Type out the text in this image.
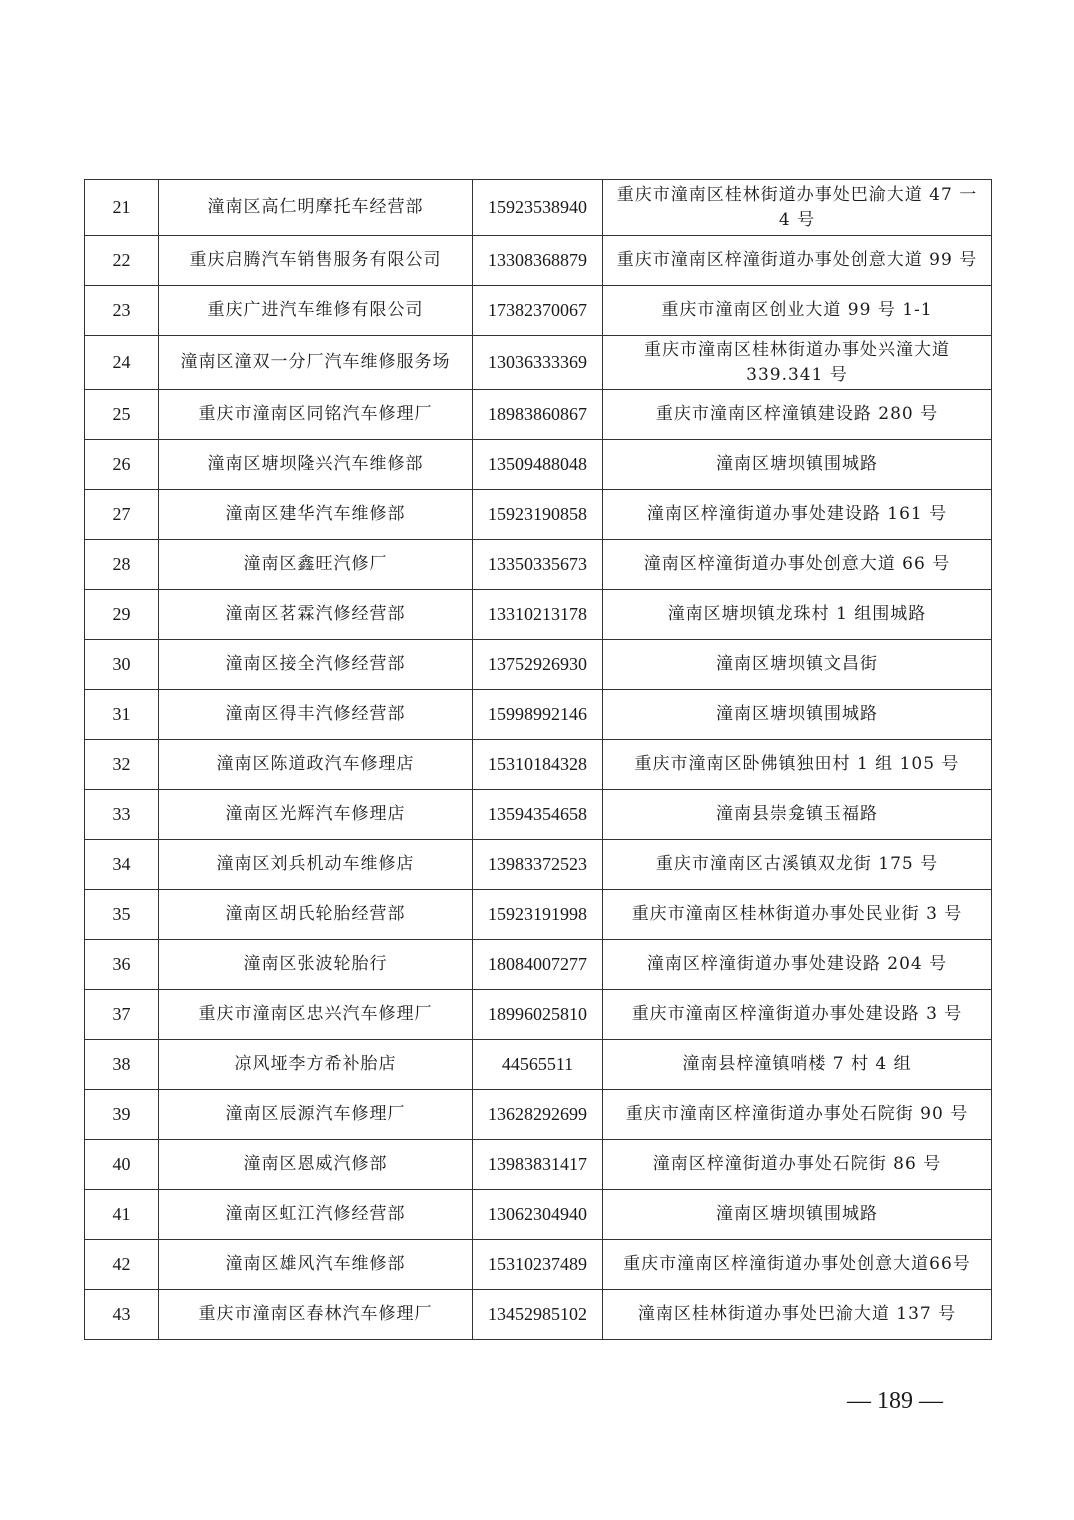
21	潼南区高仁明摩托车经营部	15923538940	重庆市潼南区桂林街道办事处巴渝大道 47 一 4 号
22	重庆启腾汽车销售服务有限公司	13308368879	重庆市潼南区梓潼街道办事处创意大道 99 号
23	重庆广进汽车维修有限公司	17382370067	重庆市潼南区创业大道 99 号 1-1
24	潼南区潼双一分厂汽车维修服务场	13036333369	重庆市潼南区桂林街道办事处兴潼大道 339.341 号
25	重庆市潼南区同铭汽车修理厂	18983860867	重庆市潼南区梓潼镇建设路 280 号
26	潼南区塘坝隆兴汽车维修部	13509488048	潼南区塘坝镇围城路
27	潼南区建华汽车维修部	15923190858	潼南区梓潼街道办事处建设路 161 号
28	潼南区鑫旺汽修厂	13350335673	潼南区梓潼街道办事处创意大道 66 号
29	潼南区茗霖汽修经营部	13310213178	潼南区塘坝镇龙珠村 1 组围城路
30	潼南区接全汽修经营部	13752926930	潼南区塘坝镇文昌街
31	潼南区得丰汽修经营部	15998992146	潼南区塘坝镇围城路
32	潼南区陈道政汽车修理店	15310184328	重庆市潼南区卧佛镇独田村 1 组 105 号
33	潼南区光辉汽车修理店	13594354658	潼南县崇龛镇玉福路
34	潼南区刘兵机动车维修店	13983372523	重庆市潼南区古溪镇双龙街 175 号
35	潼南区胡氏轮胎经营部	15923191998	重庆市潼南区桂林街道办事处民业街 3 号
36	潼南区张波轮胎行	18084007277	潼南区梓潼街道办事处建设路 204 号
37	重庆市潼南区忠兴汽车修理厂	18996025810	重庆市潼南区梓潼街道办事处建设路 3 号
38	凉风垭李方希补胎店	44565511	潼南县梓潼镇哨楼 7 村 4 组
39	潼南区辰源汽车修理厂	13628292699	重庆市潼南区梓潼街道办事处石院街 90 号
40	潼南区恩威汽修部	13983831417	潼南区梓潼街道办事处石院街 86 号
41	潼南区虹江汽修经营部	13062304940	潼南区塘坝镇围城路
42	潼南区雄风汽车维修部	15310237489	重庆市潼南区梓潼街道办事处创意大道66号
43	重庆市潼南区春林汽车修理厂	13452985102	潼南区桂林街道办事处巴渝大道 137 号
— 189 —
